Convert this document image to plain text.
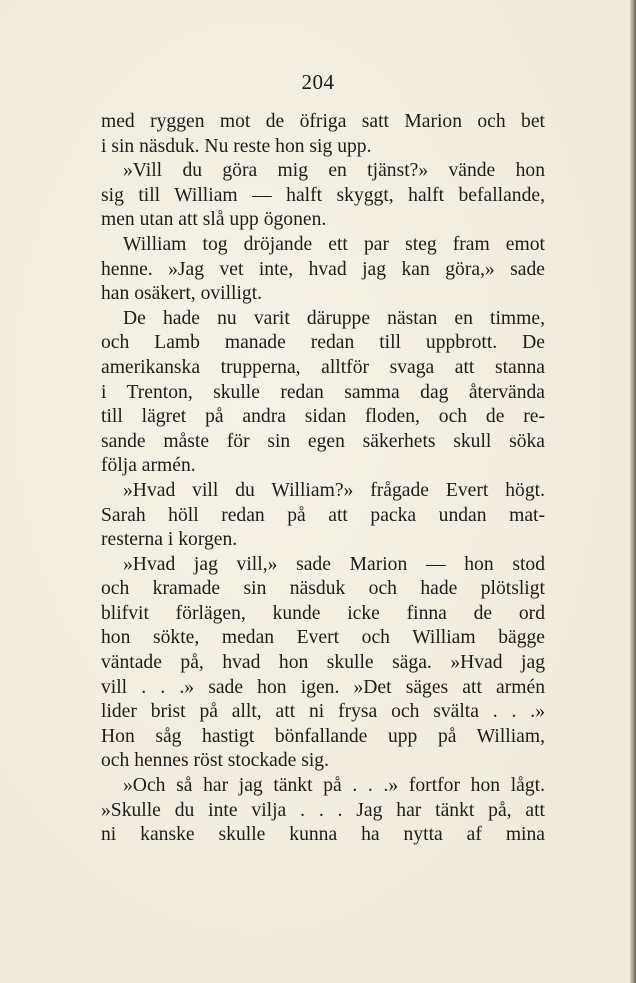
204
med ryggen mot de öfriga satt Marion och bet
i sin näsduk. Nu reste hon sig upp.
»Vill du göra mig en tjänst?» vände hon
sig till William — halft skyggt, halft befallande,
men utan att slå upp ögonen.
William tog dröjande ett par steg fram emot
henne. »Jag vet inte, hvad jag kan göra,» sade
han osäkert, ovilligt.
De hade nu varit däruppe nästan en timme,
och Lamb manade redan till uppbrott. De
amerikanska trupperna, alltför svaga att stanna
i Trenton, skulle redan samma dag återvända
till lägret på andra sidan floden, och de re-
sande måste för sin egen säkerhets skull söka
följa armén.
»Hvad vill du William?» frågade Evert högt.
Sarah höll redan på att packa undan mat-
resterna i korgen.
»Hvad jag vill,» sade Marion — hon stod
och kramade sin näsduk och hade plötsligt
blifvit förlägen, kunde icke finna de ord
hon sökte, medan Evert och William bägge
väntade på, hvad hon skulle säga. »Hvad jag
vill . . .» sade hon igen. »Det säges att armén
lider brist på allt, att ni frysa och svälta . . .»
Hon såg hastigt bönfallande upp på William,
och hennes röst stockade sig.
»Och så har jag tänkt på . . .» fortfor hon lågt.
»Skulle du inte vilja . . . Jag har tänkt på, att
ni kanske skulle kunna ha nytta af mina
